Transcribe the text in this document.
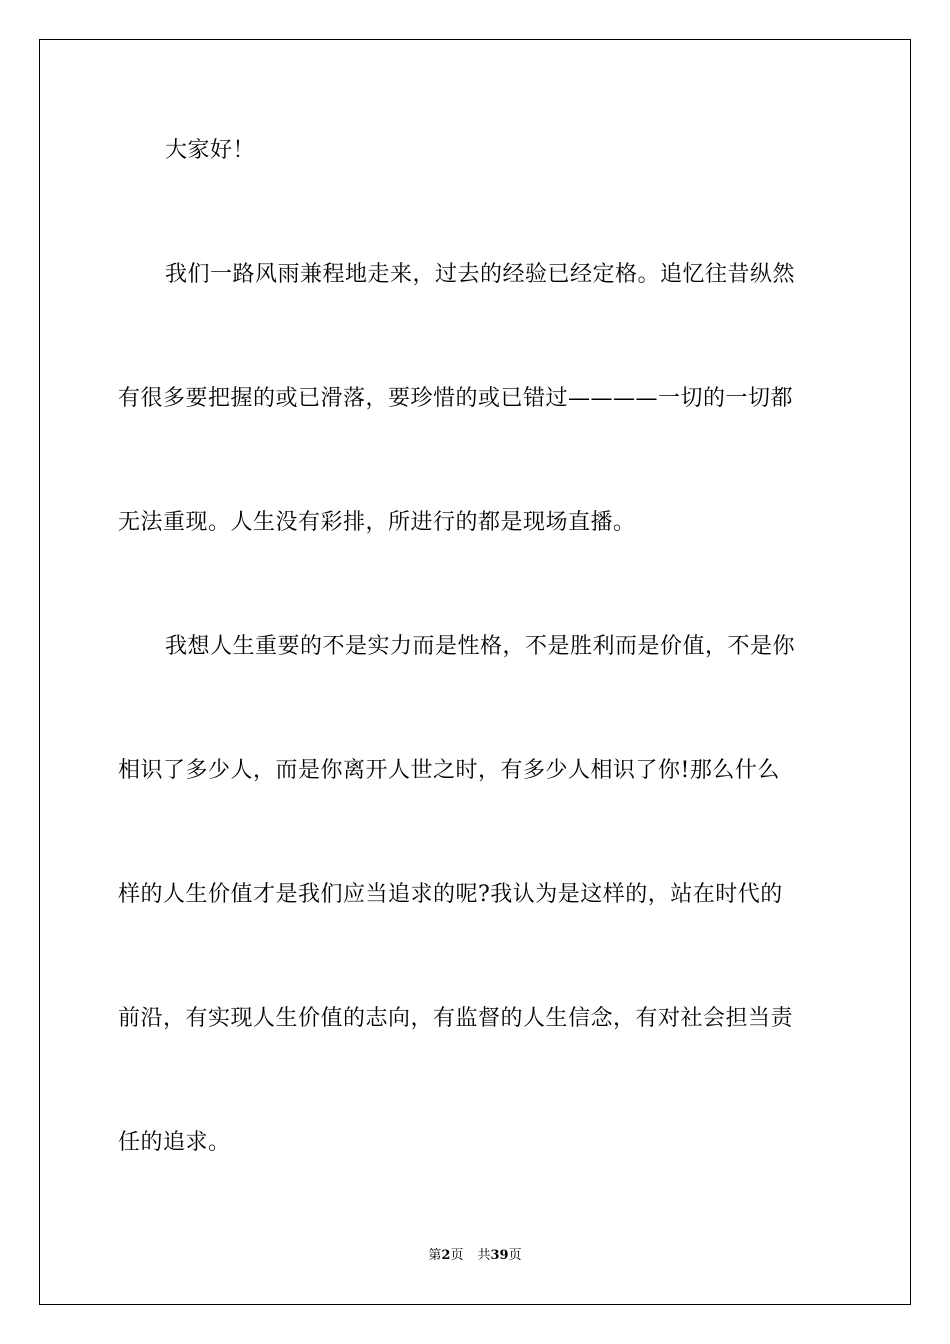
大家好！
我们一路风雨兼程地走来，过去的经验已经定格。追忆往昔纵然
有很多要把握的或已滑落，要珍惜的或已错过————一切的一切都
无法重现。人生没有彩排，所进行的都是现场直播。
我想人生重要的不是实力而是性格，不是胜利而是价值，不是你
相识了多少人，而是你离开人世之时，有多少人相识了你!那么什么
样的人生价值才是我们应当追求的呢?我认为是这样的，站在时代的
前沿，有实现人生价值的志向，有监督的人生信念，有对社会担当责
任的追求。
第2页 共39页
